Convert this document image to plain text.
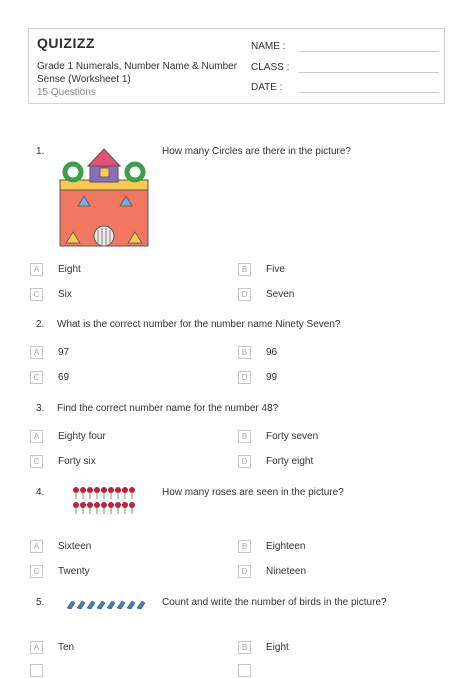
QUIZIZZ
Grade 1 Numerals, Number Name & Number Sense (Worksheet 1)
15 Questions
NAME :
CLASS :
DATE :
1.	How many Circles are there in the picture?
A	Eight	B	Five
C	Six	D	Seven
2. What is the correct number for the number name Ninety Seven?
A	97	B	96
C	69	D	99
3. Find the correct number name for the number 48?
A	Eighty four	B	Forty seven
C	Forty six	D	Forty eight
4.	How many roses are seen in the picture?
A	Sixteen	B	Eighteen
C	Twenty	D	Nineteen
5.	Count and write the number of birds in the picture?
A	Ten	B	Eight
